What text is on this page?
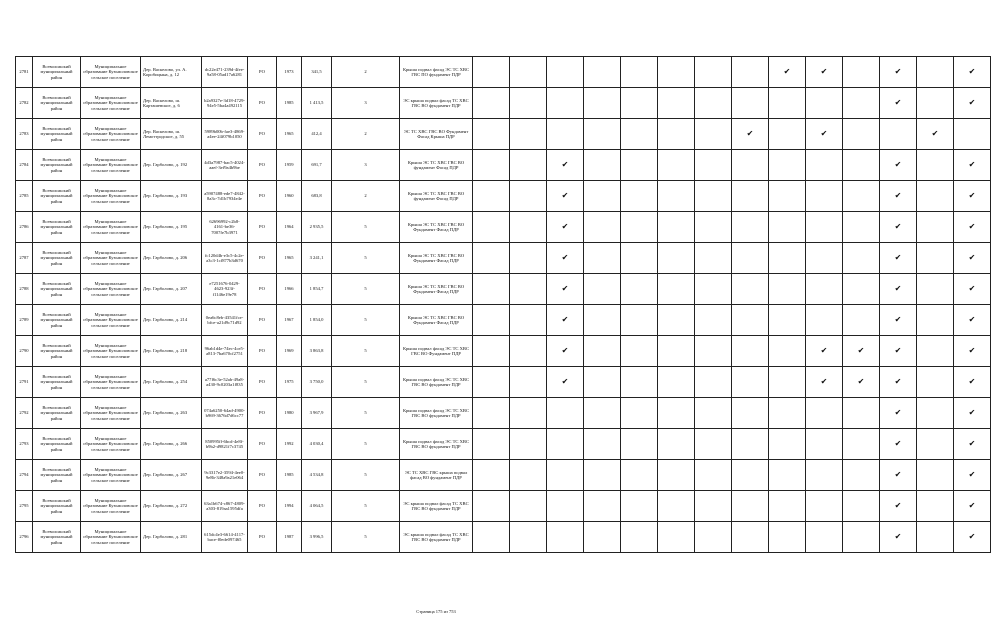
2781	Всеволожский муниципальный район	Муниципальное образование Кузьмоловское сельское поселение	Дер. Васкелово, ул. А. Коробицына, д. 12	dc22e471-239d-4fee-9a58-05ad17a6281	РО	1973	341,5	2	Крыша подвал фасад ЭС ТС ХВС ГВС ПО фундамент ПДР									✔	✔		✔		✔
2782	Всеволожский муниципальный район	Муниципальное образование Кузьмоловское сельское поселение	Дер. Васкелово, ш. Карташевское, д. 6	b2a9327e-3d18-4729-94e5-5ba4a492115	РО	1985	1 413,5	3	ЭС крыша подвал фасад ТС ХВС ГВС ВО фундамент ПДР												✔		✔
2783	Всеволожский муниципальный район	Муниципальное образование Кузьмоловское сельское поселение	Дер. Васкелово, ш. Лемоттродское, д. 55	5989b00b-fae3-4869-a4ee-24f079b1050	РО	1965	412,4	2	ЭС ТС ХВС ГВС ВО Фундамент Фасад Крыша ПДР								✔		✔			✔	
2784	Всеволожский муниципальный район	Муниципальное образование Кузьмоловское сельское поселение	Дер. Гарболово, д. 192	4d3a7987-bac5-4024-aaef-3ef9a4b9be	РО	1959	691,7	3	Крыша ЭС ТС ХВС ГВС ВО фундамент Фасад ПДР			✔									✔		✔
2785	Всеволожский муниципальный район	Муниципальное образование Кузьмоловское сельское поселение	Дер. Гарболово, д. 193	a5907488-ede7-4842-8a3c-7d1b7934e4e	РО	1960	683,8	2	Крыша ЭС ТС ХВС ГВС ВО фундамент Фасад ПДР			✔									✔		✔
2786	Всеволожский муниципальный район	Муниципальное образование Кузьмоловское сельское поселение	Дер. Гарболово, д. 195	62696992-c2b8-4161-be36-7007fe7b3971	РО	1964	2 935,5	5	Крыша ЭС ТС ХВС ГВС ВО Фундамент Фасад ПДР			✔									✔		✔
2787	Всеволожский муниципальный район	Муниципальное образование Кузьмоловское сельское поселение	Дер. Гарболово, д. 206	fc120d4b-e3c5-4c2e-a3c3-1cf877b3d670	РО	1965	3 241,1	5	Крыша ЭС ТС ХВС ГВС ВО Фундамент Фасад ПДР			✔									✔		✔
2788	Всеволожский муниципальный район	Муниципальное образование Кузьмоловское сельское поселение	Дер. Гарболово, д. 207	e7251676-0429-4623-923f-f1146e19e78	РО	1966	1 854,7	5	Крыша ЭС ТС ХВС ГВС ВО Фундамент Фасад ПДР			✔									✔		✔
2789	Всеволожский муниципальный район	Муниципальное образование Кузьмоловское сельское поселение	Дер. Гарболово, д. 214	0ea6c8eb-43541fce-bfce-a21d9c71d92	РО	1967	1 854,0	5	Крыша ЭС ТС ХВС ГВС ВО Фундамент Фасад ПДР			✔									✔		✔
2790	Всеволожский муниципальный район	Муниципальное образование Кузьмоловское сельское поселение	Дер. Гарболово, д. 218	96ab1d4e-74ec-4ce5-a813-7ba670cf2751	РО	1969	3 863,8	5	Крыша подвал фасад ЭС ТС ХВС ГВС ВО Фундамент ПДР			✔							✔	✔	✔		✔
2791	Всеволожский муниципальный район	Муниципальное образование Кузьмоловское сельское поселение	Дер. Гарболово, д. 254	a77f6c3e-52ab-49a8-a430-9c0203a1f835	РО	1975	3 750,0	5	Крыша подвал фасад ЭС ТС ХВС ГВС ВО фундамент ПДР			✔							✔	✔	✔		✔
2792	Всеволожский муниципальный район	Муниципальное образование Кузьмоловское сельское поселение	Дер. Гарболово, д. 263	074a6250-64ad-4900-b969-3676d7d6cc77	РО	1980	3 967,9	5	Крыша подвал фасад ЭС ТС ХВС ГВС ВО фундамент ПДР												✔		✔
2793	Всеволожский муниципальный район	Муниципальное образование Кузьмоловское сельское поселение	Дер. Гарболово, д. 266	850995ff-6bcd-4e8f-b9b2-d9821f7c3745	РО	1992	4 030,4	5	Крыша подвал фасад ЭС ТС ХВС ГВС ВО фундамент ПДР												✔		✔
2794	Всеволожский муниципальный район	Муниципальное образование Кузьмоловское сельское поселение	Дер. Гарболово, д. 267	9c3317e2-3594-4ee0-9e8b-348a9a21e064	РО	1985	4 534,8	5	ЭС ТС ХВС ГВС крыша подвал фасад ВО фундамент ПДР												✔		✔
2795	Всеволожский муниципальный район	Муниципальное образование Кузьмоловское сельское поселение	Дер. Гарболово, д. 272	63a1b674-c867-4809-a303-819aa1595dfa	РО	1994	4 064,5	5	ЭС крыша подвал фасад ТС ХВС ГВС ВО фундамент ПДР												✔		✔
2796	Всеволожский муниципальный район	Муниципальное образование Кузьмоловское сельское поселение	Дер. Гарболово, д. 281	615dc4e3-6614-4117-bace-f0ede097465	РО	1987	3 996,5	5	ЭС крыша подвал фасад ТС ХВС ГВС ВО фундамент ПДР												✔		✔
Страница 175 из 753
